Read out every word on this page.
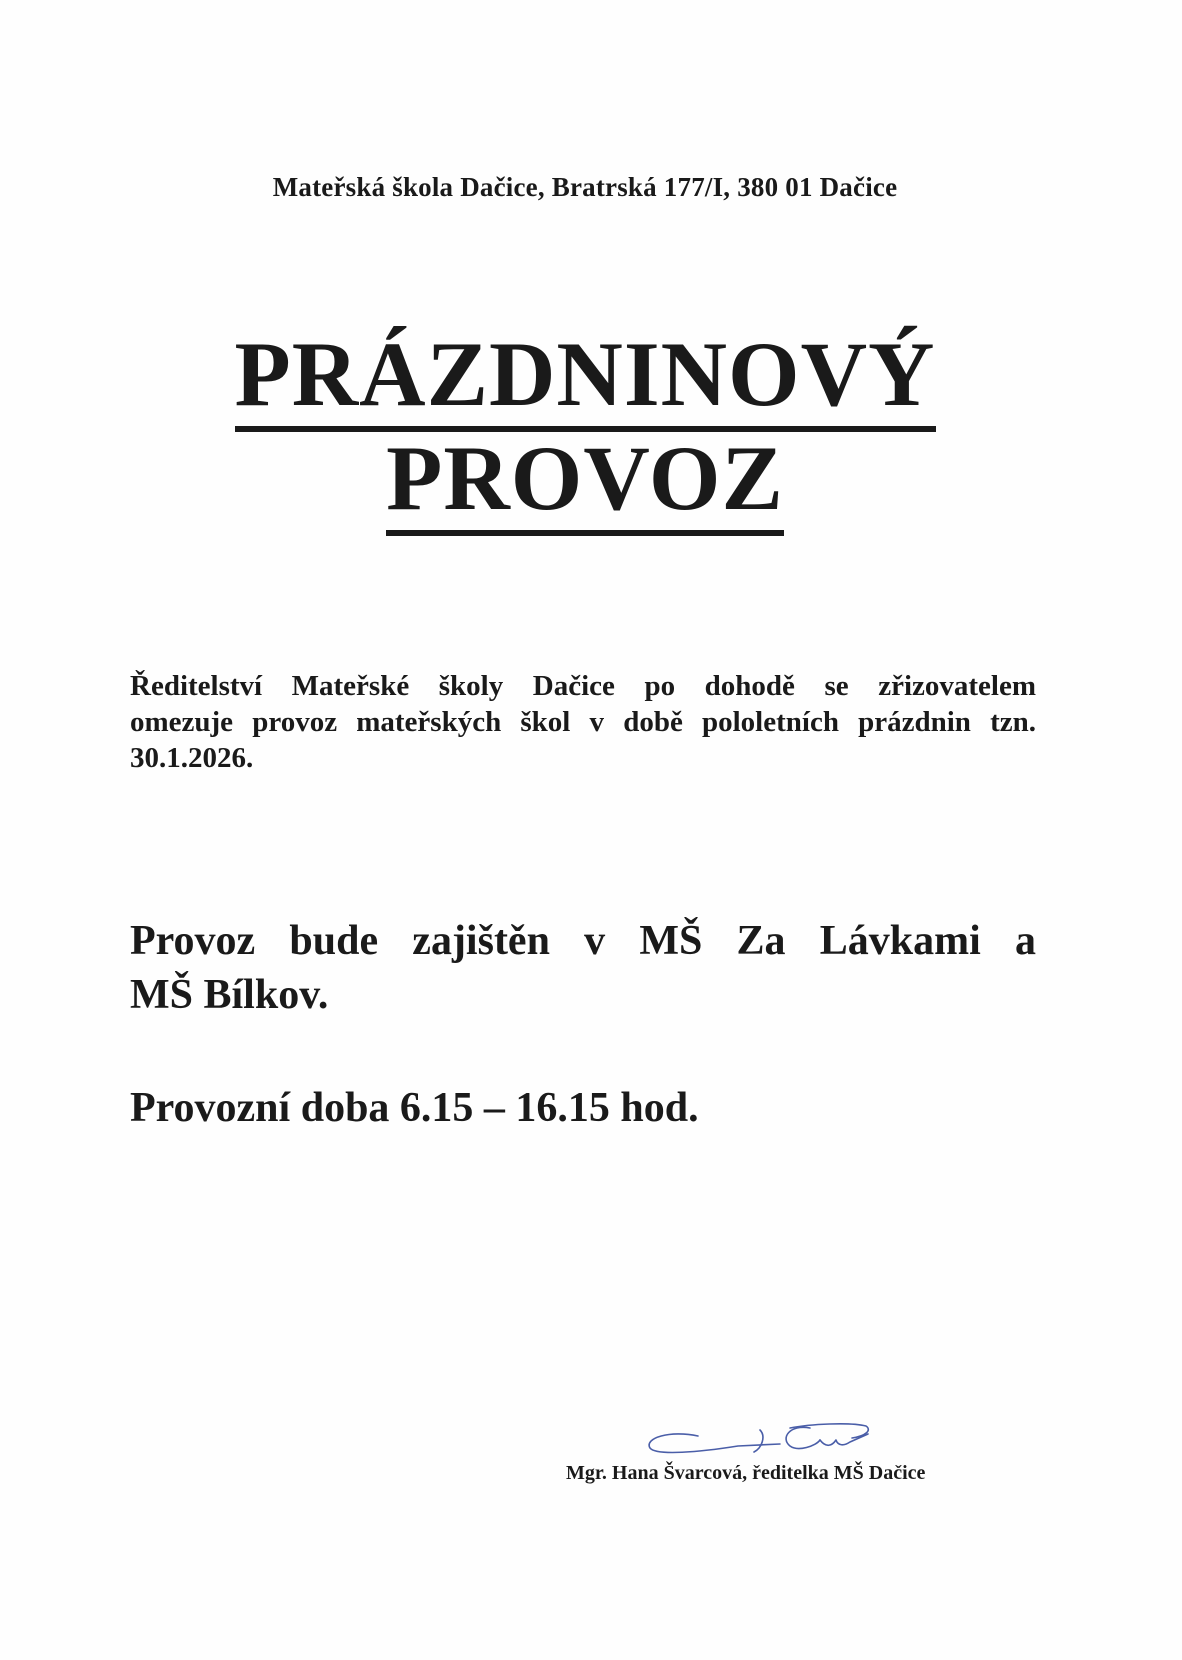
Mateřská škola Dačice, Bratrská 177/I, 380 01 Dačice
PRÁZDNINOVÝ
PROVOZ
Ředitelství Mateřské školy Dačice po dohodě se zřizovatelem
omezuje provoz mateřských škol v době pololetních prázdnin tzn.
30.1.2026.
Provoz bude zajištěn v MŠ Za Lávkami a
MŠ Bílkov.
Provozní doba 6.15 – 16.15 hod.
Mgr. Hana Švarcová, ředitelka MŠ Dačice
